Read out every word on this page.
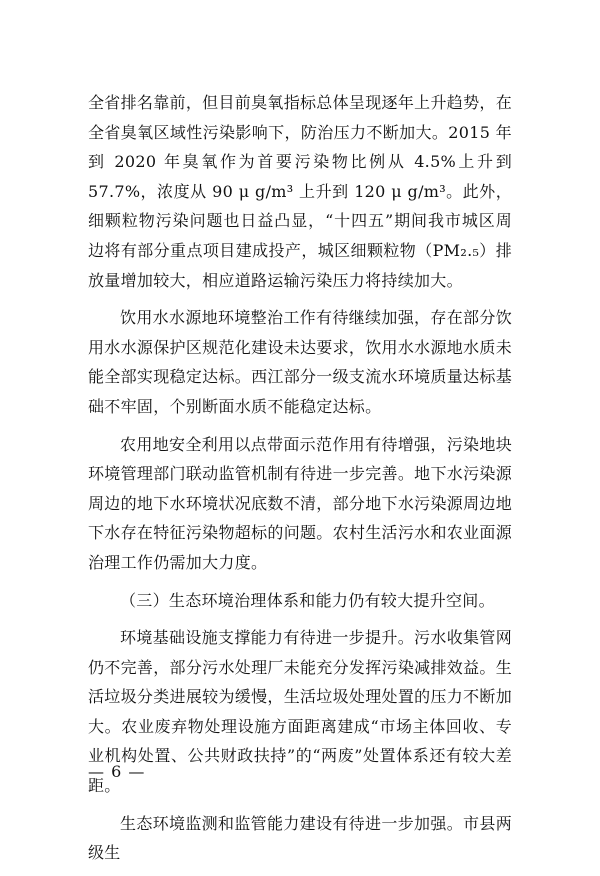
全省排名靠前，但目前臭氧指标总体呈现逐年上升趋势，在全省臭氧区域性污染影响下，防治压力不断加大。2015 年到 2020 年臭氧作为首要污染物比例从 4.5%上升到 57.7%，浓度从 90 μ g/m³ 上升到 120 μ g/m³。此外，细颗粒物污染问题也日益凸显，“十四五”期间我市城区周边将有部分重点项目建成投产，城区细颗粒物（PM₂.₅）排放量增加较大，相应道路运输污染压力将持续加大。

饮用水水源地环境整治工作有待继续加强，存在部分饮用水水源保护区规范化建设未达要求，饮用水水源地水质未能全部实现稳定达标。西江部分一级支流水环境质量达标基础不牢固，个别断面水质不能稳定达标。

农用地安全利用以点带面示范作用有待增强，污染地块环境管理部门联动监管机制有待进一步完善。地下水污染源周边的地下水环境状况底数不清，部分地下水污染源周边地下水存在特征污染物超标的问题。农村生活污水和农业面源治理工作仍需加大力度。

（三）生态环境治理体系和能力仍有较大提升空间。

环境基础设施支撑能力有待进一步提升。污水收集管网仍不完善，部分污水处理厂未能充分发挥污染减排效益。生活垃圾分类进展较为缓慢，生活垃圾处理处置的压力不断加大。农业废弃物处理设施方面距离建成“市场主体回收、专业机构处置、公共财政扶持”的“两废”处置体系还有较大差距。

生态环境监测和监管能力建设有待进一步加强。市县两级生

— 6 —
